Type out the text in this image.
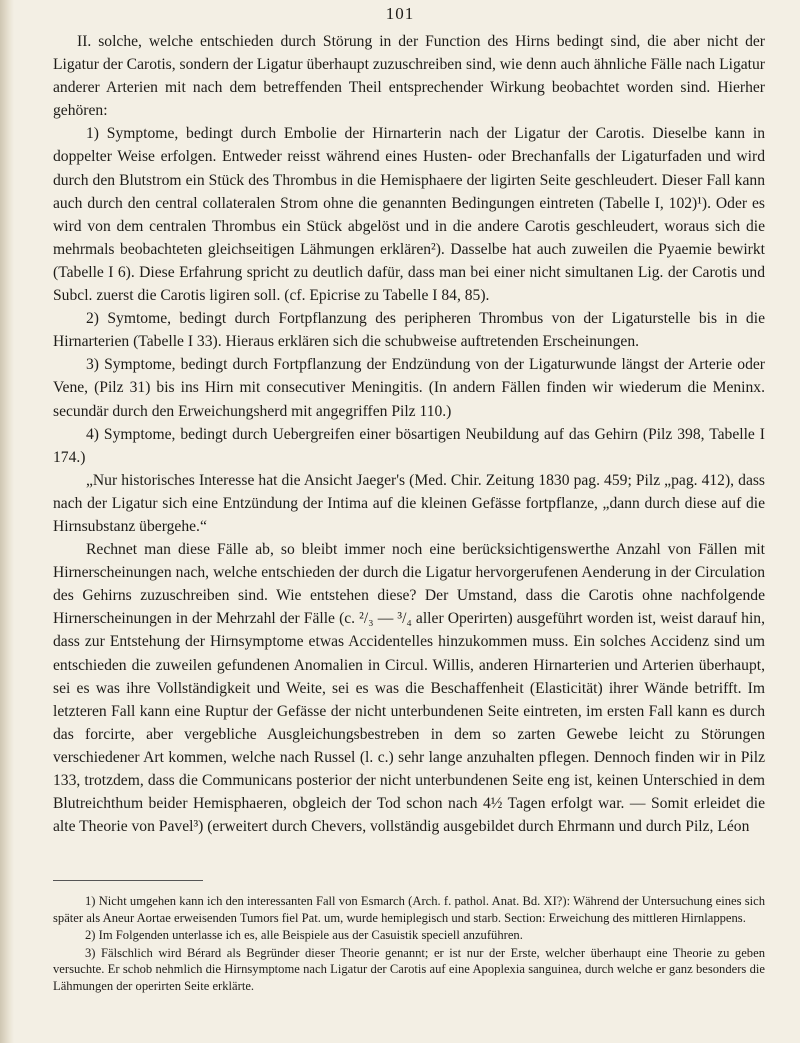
101

II. solche, welche entschieden durch Störung in der Function des Hirns bedingt sind, die aber nicht der Ligatur der Carotis, sondern der Ligatur überhaupt zuzuschreiben sind, wie denn auch ähnliche Fälle nach Ligatur anderer Arterien mit nach dem betreffenden Theil entsprechender Wirkung beobachtet worden sind. Hierher gehören:

1) Symptome, bedingt durch Embolie der Hirnarterin nach der Ligatur der Carotis. Dieselbe kann in doppelter Weise erfolgen. Entweder reisst während eines Husten- oder Brechanfalls der Ligaturfaden und wird durch den Blutstrom ein Stück des Thrombus in die Hemisphaere der ligirten Seite geschleudert. Dieser Fall kann auch durch den central collateralen Strom ohne die genannten Bedingungen eintreten (Tabelle I, 102)¹). Oder es wird von dem centralen Thrombus ein Stück abgelöst und in die andere Carotis geschleudert, woraus sich die mehrmals beobachteten gleichseitigen Lähmungen erklären²). Dasselbe hat auch zuweilen die Pyaemie bewirkt (Tabelle I 6). Diese Erfahrung spricht zu deutlich dafür, dass man bei einer nicht simultanen Lig. der Carotis und Subcl. zuerst die Carotis ligiren soll. (cf. Epicrise zu Tabelle I 84, 85).

2) Symtome, bedingt durch Fortpflanzung des peripheren Thrombus von der Ligaturstelle bis in die Hirnarterien (Tabelle I 33). Hieraus erklären sich die schubweise auftretenden Erscheinungen.

3) Symptome, bedingt durch Fortpflanzung der Endzündung von der Ligaturwunde längst der Arterie oder Vene, (Pilz 31) bis ins Hirn mit consecutiver Meningitis. (In andern Fällen finden wir wiederum die Meninx. secundär durch den Erweichungsherd mit angegriffen Pilz 110.)

4) Symptome, bedingt durch Uebergreifen einer bösartigen Neubildung auf das Gehirn (Pilz 398, Tabelle I 174.)

„Nur historisches Interesse hat die Ansicht Jaeger's (Med. Chir. Zeitung 1830 pag. 459; Pilz „pag. 412), dass nach der Ligatur sich eine Entzündung der Intima auf die kleinen Gefässe fortpflanze, „dann durch diese auf die Hirnsubstanz übergehe.“

Rechnet man diese Fälle ab, so bleibt immer noch eine berücksichtigenswerthe Anzahl von Fällen mit Hirnerscheinungen nach, welche entschieden der durch die Ligatur hervorgerufenen Aenderung in der Circulation des Gehirns zuzuschreiben sind. Wie entstehen diese? Der Umstand, dass die Carotis ohne nachfolgende Hirnerscheinungen in der Mehrzahl der Fälle (c. ²/₃ — ³/₄ aller Operirten) ausgeführt worden ist, weist darauf hin, dass zur Entstehung der Hirnsymptome etwas Accidentelles hinzukommen muss. Ein solches Accidenz sind um entschieden die zuweilen gefundenen Anomalien in Circul. Willis, anderen Hirnarterien und Arterien überhaupt, sei es was ihre Vollständigkeit und Weite, sei es was die Beschaffenheit (Elasticität) ihrer Wände betrifft. Im letzteren Fall kann eine Ruptur der Gefässe der nicht unterbundenen Seite eintreten, im ersten Fall kann es durch das forcirte, aber vergebliche Ausgleichungsbestreben in dem so zarten Gewebe leicht zu Störungen verschiedener Art kommen, welche nach Russel (l. c.) sehr lange anzuhalten pflegen. Dennoch finden wir in Pilz 133, trotzdem, dass die Communicans posterior der nicht unterbundenen Seite eng ist, keinen Unterschied in dem Blutreichthum beider Hemisphaeren, obgleich der Tod schon nach 4½ Tagen erfolgt war. — Somit erleidet die alte Theorie von Pavel³) (erweitert durch Chevers, vollständig ausgebildet durch Ehrmann und durch Pilz, Léon

1) Nicht umgehen kann ich den interessanten Fall von Esmarch (Arch. f. pathol. Anat. Bd. XI?): Während der Untersuchung eines sich später als Aneur Aortae erweisenden Tumors fiel Pat. um, wurde hemiplegisch und starb. Section: Erweichung des mittleren Hirnlappens.

2) Im Folgenden unterlasse ich es, alle Beispiele aus der Casuistik speciell anzuführen.

3) Fälschlich wird Bérard als Begründer dieser Theorie genannt; er ist nur der Erste, welcher überhaupt eine Theorie zu geben versuchte. Er schob nehmlich die Hirnsymptome nach Ligatur der Carotis auf eine Apoplexia sanguinea, durch welche er ganz besonders die Lähmungen der operirten Seite erklärte.
